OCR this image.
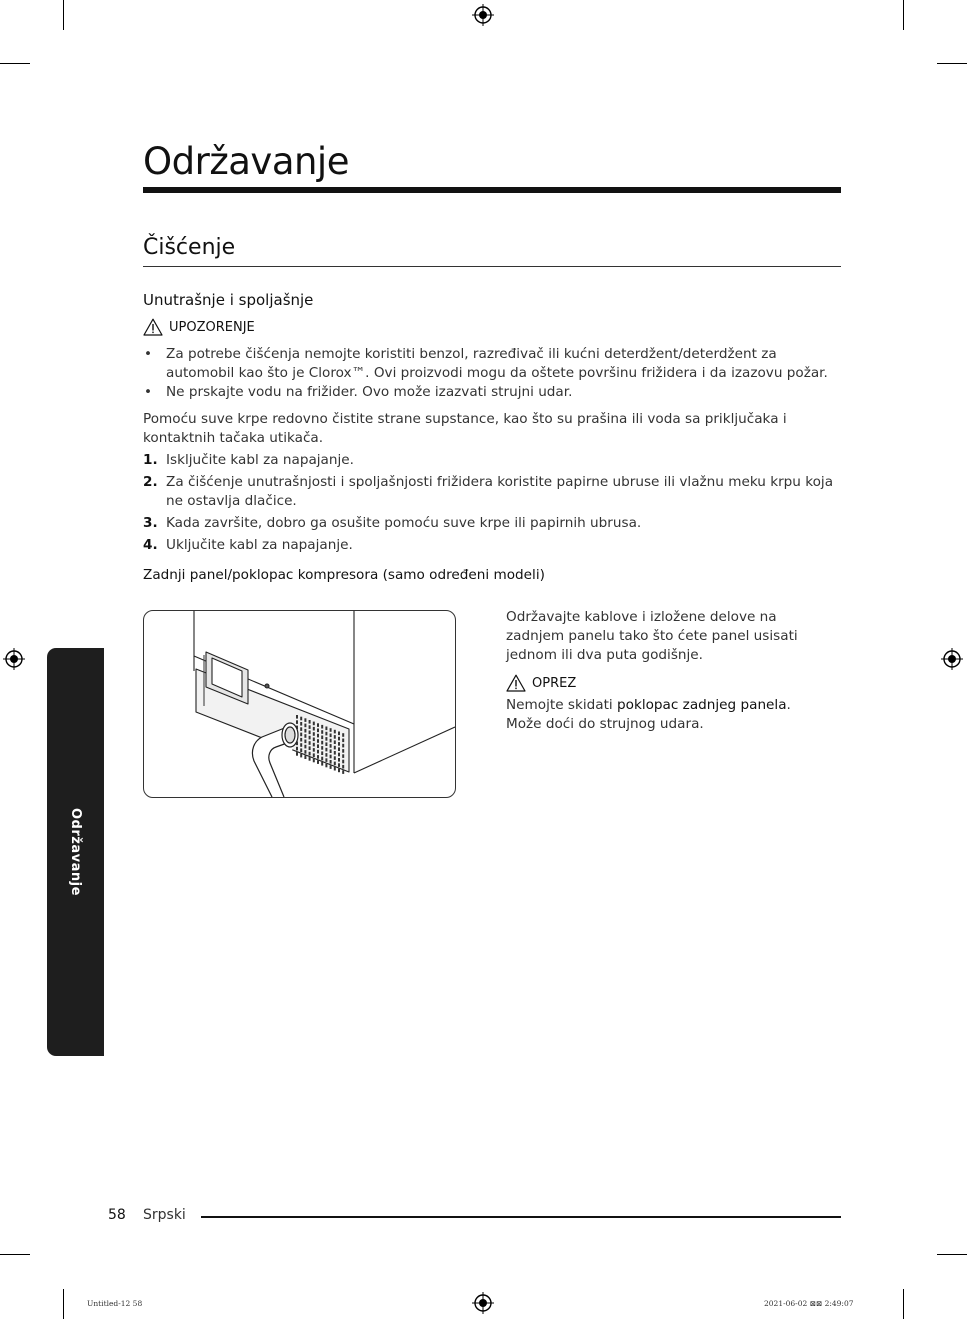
Održavanje
Čišćenje
Unutrašnje i spoljašnje
UPOZORENJE
• Za potrebe čišćenja nemojte koristiti benzol, razređivač ili kućni deterdžent/deterdžent za automobil kao što je Clorox™. Ovi proizvodi mogu da oštete površinu frižidera i da izazovu požar.
• Ne prskajte vodu na frižider. Ovo može izazvati strujni udar.
Pomoću suve krpe redovno čistite strane supstance, kao što su prašina ili voda sa priključaka i kontaktnih tačaka utikača.
1. Isključite kabl za napajanje.
2. Za čišćenje unutrašnjosti i spoljašnjosti frižidera koristite papirne ubruse ili vlažnu meku krpu koja ne ostavlja dlačice.
3. Kada završite, dobro ga osušite pomoću suve krpe ili papirnih ubrusa.
4. Uključite kabl za napajanje.
Zadnji panel/poklopac kompresora (samo određeni modeli)
Održavajte kablove i izložene delove na zadnjem panelu tako što ćete panel usisati jednom ili dva puta godišnje.
OPREZ
Nemojte skidati poklopac zadnjeg panela. Može doći do strujnog udara.
Održavanje
58 Srpski
Untitled-12 58	2021-06-02 ⊠⊠ 2:49:07
